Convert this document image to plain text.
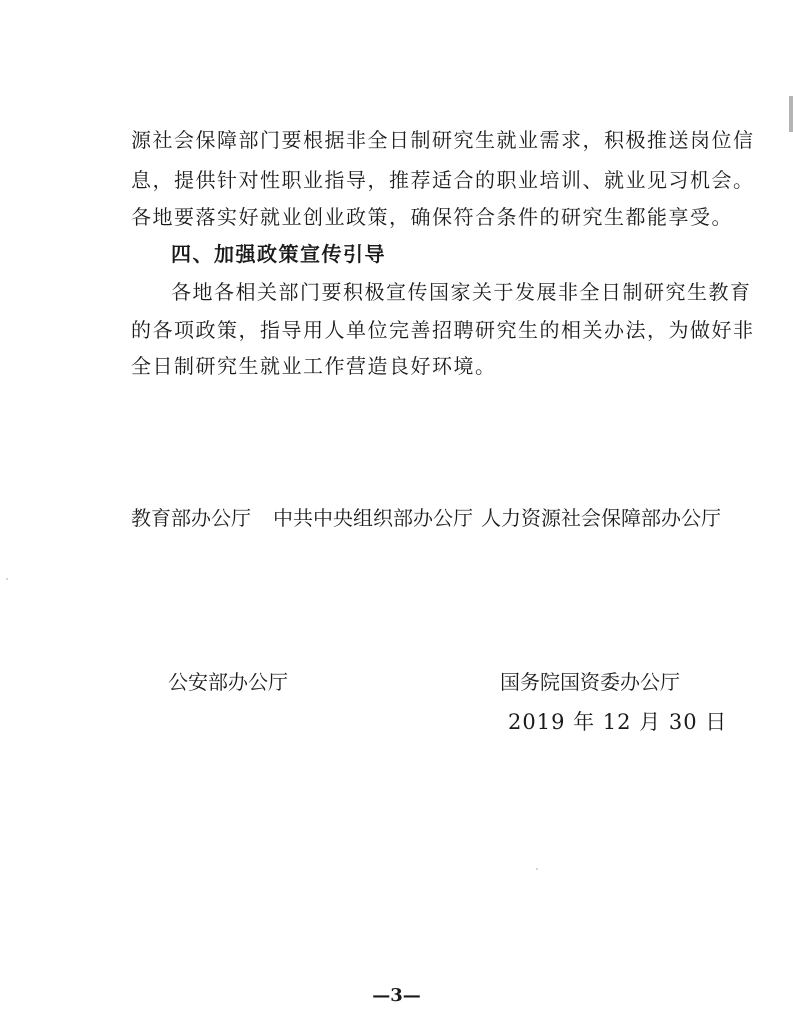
源社会保障部门要根据非全日制研究生就业需求，积极推送岗位信
息，提供针对性职业指导，推荐适合的职业培训、就业见习机会。
各地要落实好就业创业政策，确保符合条件的研究生都能享受。
四、加强政策宣传引导
各地各相关部门要积极宣传国家关于发展非全日制研究生教育
的各项政策，指导用人单位完善招聘研究生的相关办法，为做好非
全日制研究生就业工作营造良好环境。
教育部办公厅 中共中央组织部办公厅 人力资源社会保障部办公厅
公安部办公厅	国务院国资委办公厅
2019 年 12 月 30 日
—3—
